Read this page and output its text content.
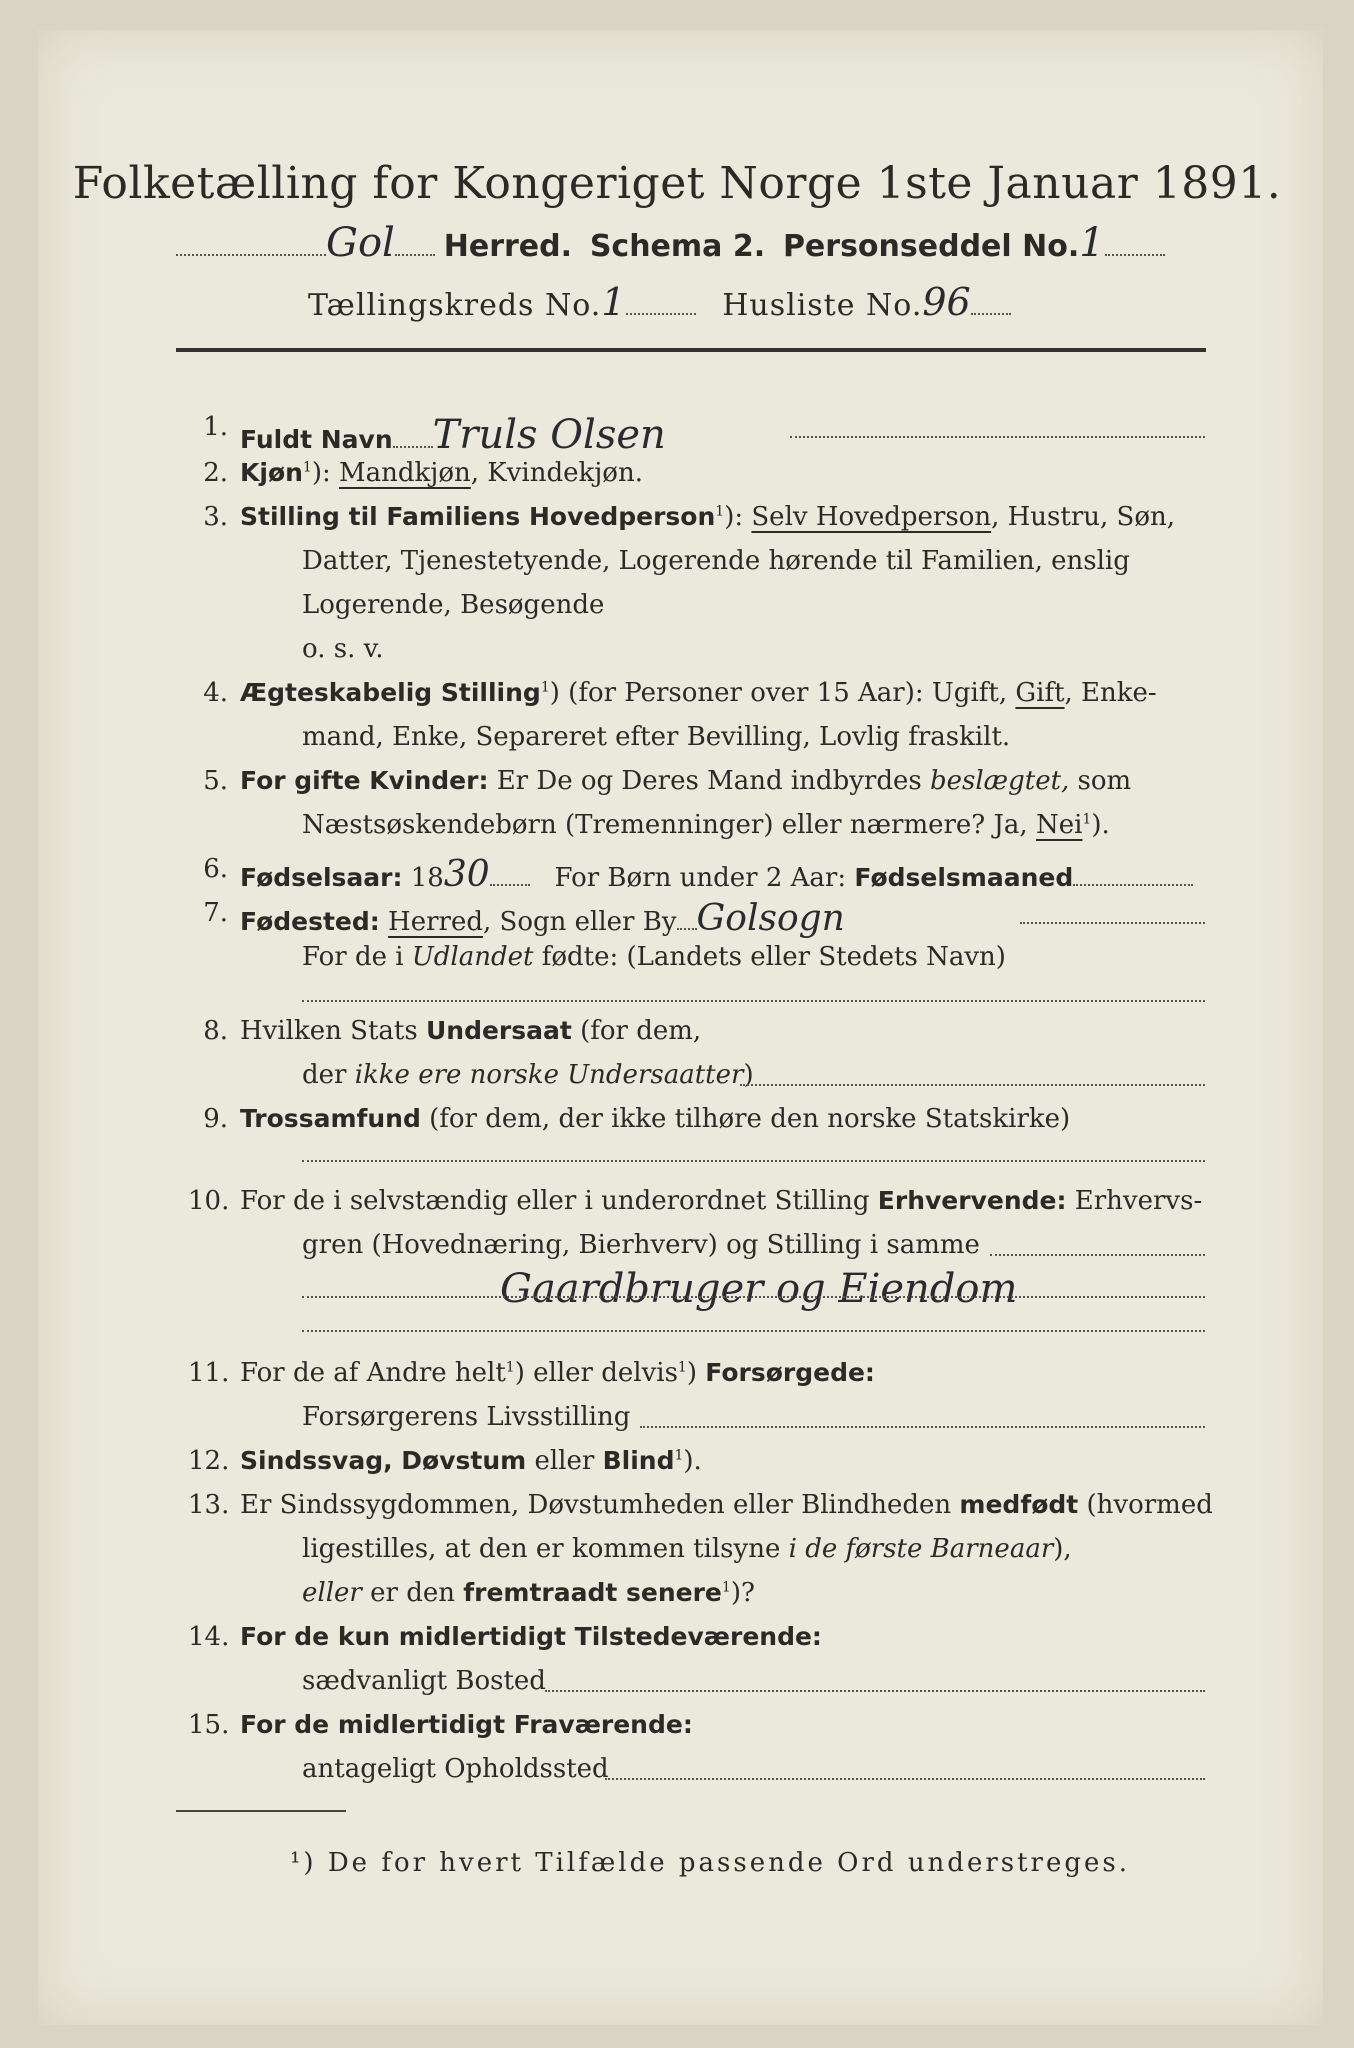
Folketælling for Kongeriget Norge 1ste Januar 1891.
Gol Herred. Schema 2. Personseddel No.1
Tællingskreds No.1	Husliste No.96
1. Fuldt Navn Truls Olsen
2. Kjøn$^1$): Mandkjøn, Kvindekjøn.
3. Stilling til Familiens Hovedperson$^1$): Selv Hovedperson, Hustru, Søn,
Datter, Tjenestetyende, Logerende hørende til Familien, enslig
Logerende, Besøgende
o. s. v.
4. Ægteskabelig Stilling$^1$) (for Personer over 15 Aar): Ugift, Gift, Enke-
mand, Enke, Separeret efter Bevilling, Lovlig fraskilt.
5. For gifte Kvinder: Er De og Deres Mand indbyrdes beslægtet, som
Næstsøskendebørn (Tremenninger) eller nærmere? Ja, Nei$^1$).
6. Fødselsaar: 1830 For Børn under 2 Aar: Fødselsmaaned
7. Fødested: Herred, Sogn eller By Golsogn
For de i Udlandet fødte: (Landets eller Stedets Navn)
8. Hvilken Stats Undersaat (for dem,
der ikke ere norske Undersaatter)
9. Trossamfund (for dem, der ikke tilhøre den norske Statskirke)
10. For de i selvstændig eller i underordnet Stilling Erhvervende: Erhvervs-
gren (Hovednæring, Bierhverv) og Stilling i samme
Gaardbruger og Eiendom
11. For de af Andre helt$^1$) eller delvis$^1$) Forsørgede:
Forsørgerens Livsstilling
12. Sindssvag, Døvstum eller Blind$^1$).
13. Er Sindssygdommen, Døvstumheden eller Blindheden medfødt (hvormed
ligestilles, at den er kommen tilsyne i de første Barneaar),
eller er den fremtraadt senere$^1$)?
14. For de kun midlertidigt Tilstedeværende:
sædvanligt Bosted
15. For de midlertidigt Fraværende:
antageligt Opholdssted
¹) De for hvert Tilfælde passende Ord understreges.
